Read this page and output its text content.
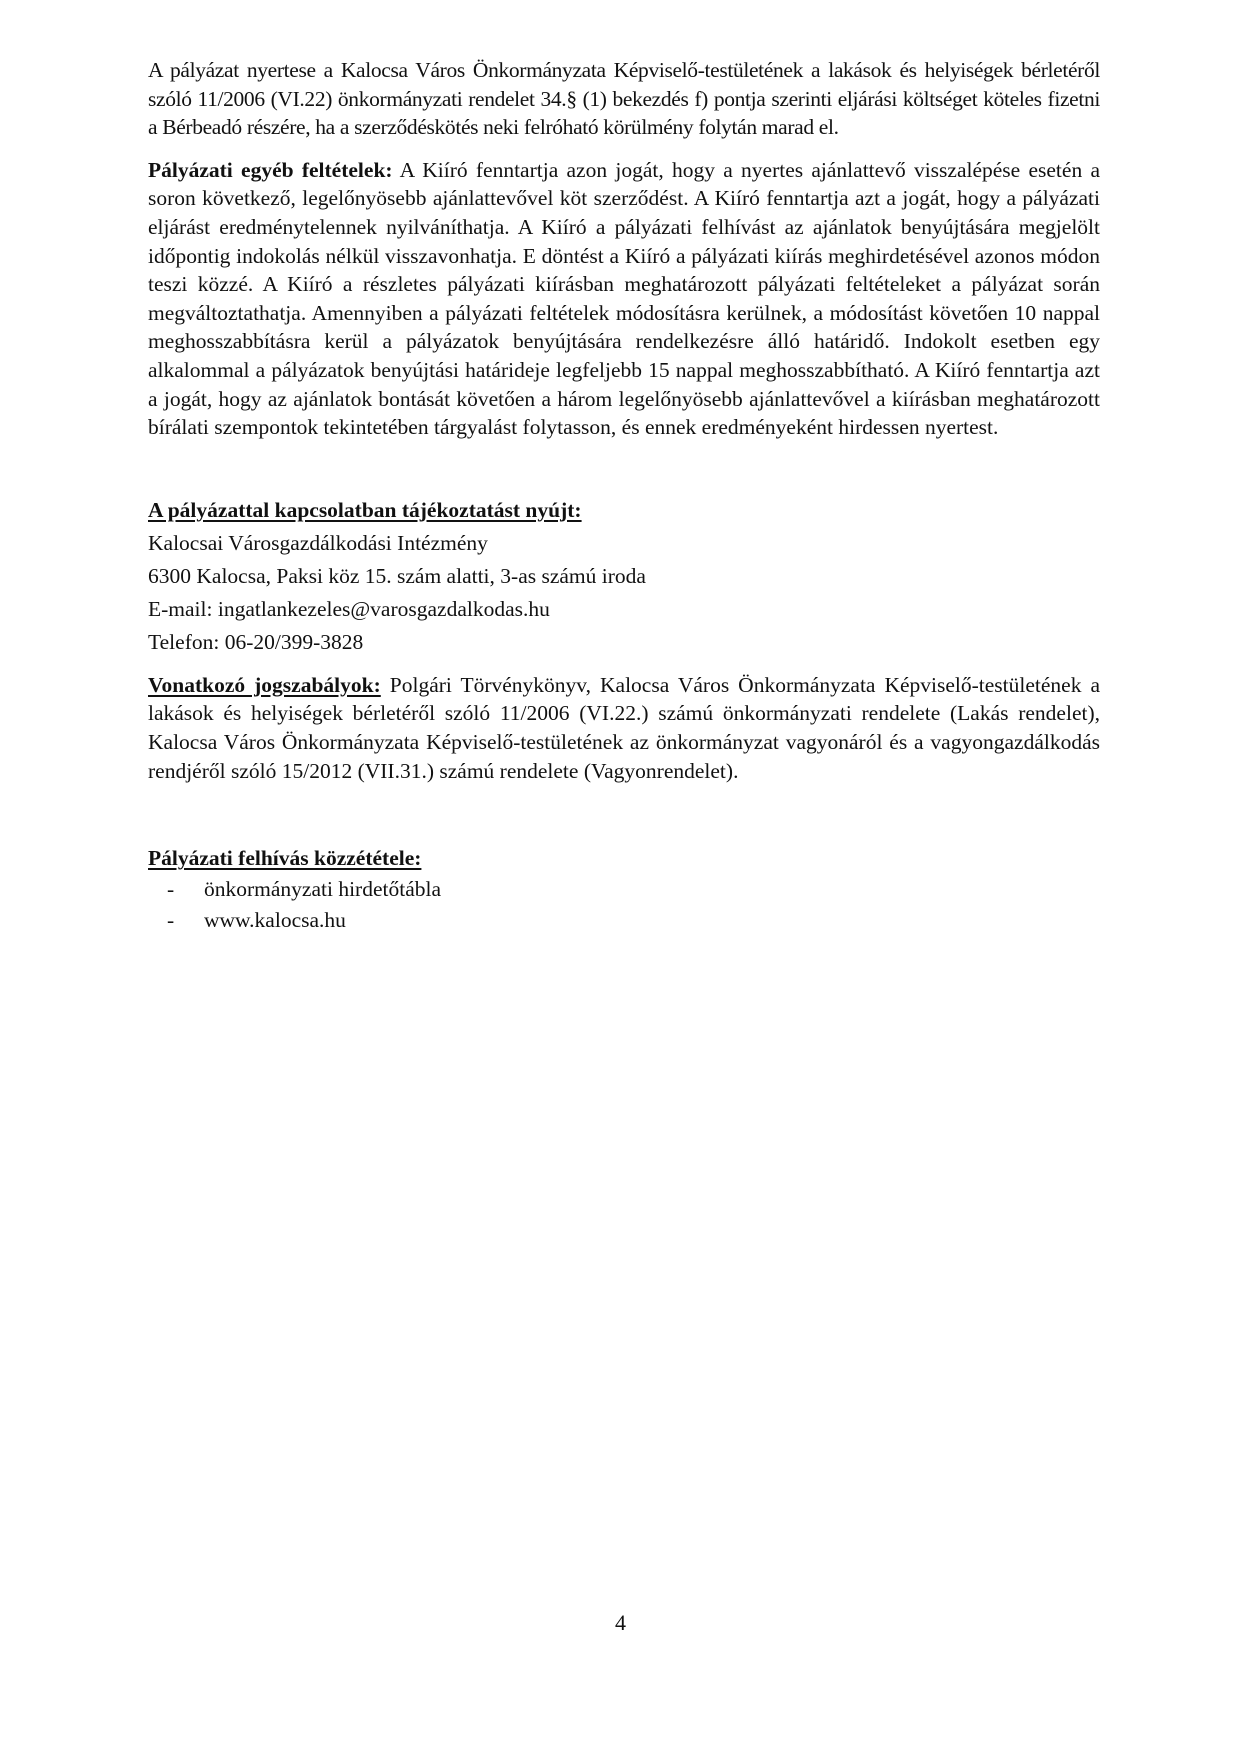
A pályázat nyertese a Kalocsa Város Önkormányzata Képviselő-testületének a lakások és helyiségek bérletéről szóló 11/2006 (VI.22) önkormányzati rendelet 34.§ (1) bekezdés f) pontja szerinti eljárási költséget köteles fizetni a Bérbeadó részére, ha a szerződéskötés neki felróható körülmény folytán marad el.

Pályázati egyéb feltételek: A Kiíró fenntartja azon jogát, hogy a nyertes ajánlattevő visszalépése esetén a soron következő, legelőnyösebb ajánlattevővel köt szerződést. A Kiíró fenntartja azt a jogát, hogy a pályázati eljárást eredménytelennek nyilváníthatja. A Kiíró a pályázati felhívást az ajánlatok benyújtására megjelölt időpontig indokolás nélkül visszavonhatja. E döntést a Kiíró a pályázati kiírás meghirdetésével azonos módon teszi közzé. A Kiíró a részletes pályázati kiírásban meghatározott pályázati feltételeket a pályázat során megváltoztathatja. Amennyiben a pályázati feltételek módosításra kerülnek, a módosítást követően 10 nappal meghosszabbításra kerül a pályázatok benyújtására rendelkezésre álló határidő. Indokolt esetben egy alkalommal a pályázatok benyújtási határideje legfeljebb 15 nappal meghosszabbítható. A Kiíró fenntartja azt a jogát, hogy az ajánlatok bontását követően a három legelőnyösebb ajánlattevővel a kiírásban meghatározott bírálati szempontok tekintetében tárgyalást folytasson, és ennek eredményeként hirdessen nyertest.

A pályázattal kapcsolatban tájékoztatást nyújt:
Kalocsai Városgazdálkodási Intézmény
6300 Kalocsa, Paksi köz 15. szám alatti, 3-as számú iroda
E-mail: ingatlankezeles@varosgazdalkodas.hu
Telefon: 06-20/399-3828

Vonatkozó jogszabályok: Polgári Törvénykönyv, Kalocsa Város Önkormányzata Képviselő-testületének a lakások és helyiségek bérletéről szóló 11/2006 (VI.22.) számú önkormányzati rendelete (Lakás rendelet), Kalocsa Város Önkormányzata Képviselő-testületének az önkormányzat vagyonáról és a vagyongazdálkodás rendjéről szóló 15/2012 (VII.31.) számú rendelete (Vagyonrendelet).

Pályázati felhívás közzététele:
- önkormányzati hirdetőtábla
- www.kalocsa.hu
4
